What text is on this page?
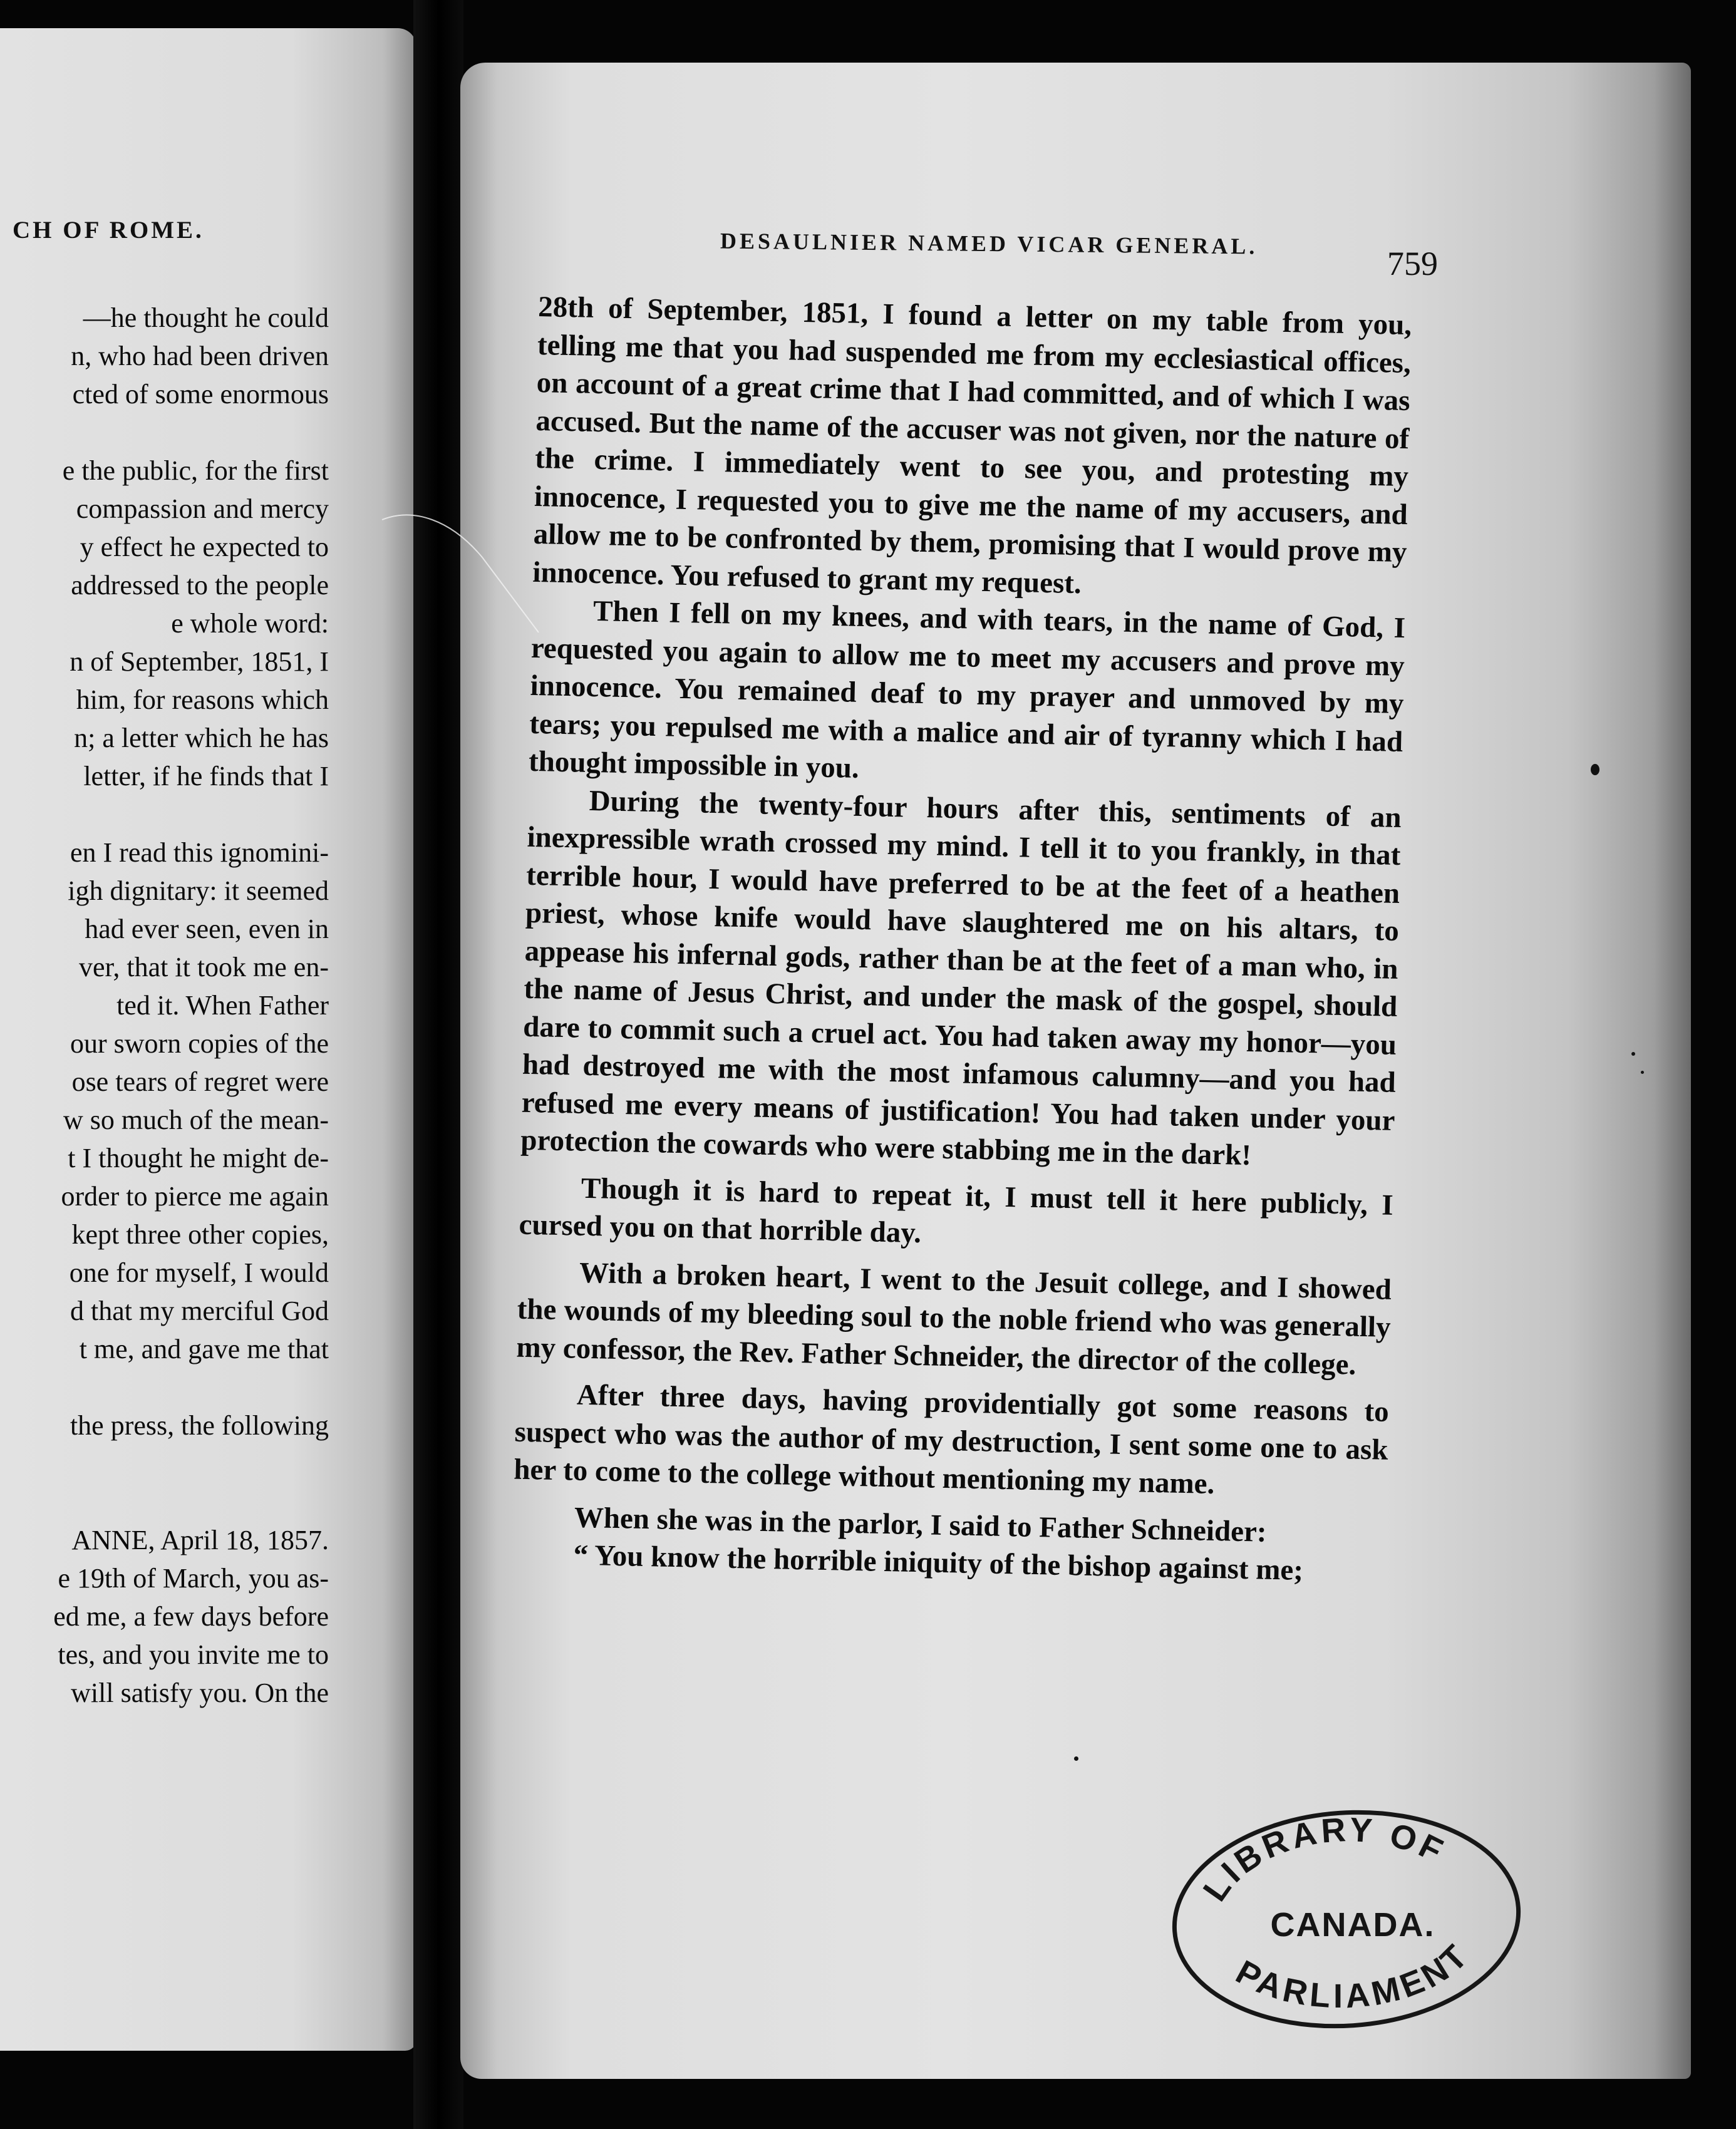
CH OF ROME.
—he thought he could
n, who had been driven
cted of some enormous
e the public, for the first
compassion and mercy
y effect he expected to
addressed to the people
e whole word:
n of September, 1851, I
him, for reasons which
n; a letter which he has
letter, if he finds that I
en I read this ignomini-
igh dignitary: it seemed
had ever seen, even in
ver, that it took me en-
ted it. When Father
our sworn copies of the
ose tears of regret were
w so much of the mean-
t I thought he might de-
order to pierce me again
kept three other copies,
one for myself, I would
d that my merciful God
t me, and gave me that
the press, the following
ANNE, April 18, 1857.
e 19th of March, you as-
ed me, a few days before
tes, and you invite me to
will satisfy you. On the
DESAULNIER NAMED VICAR GENERAL.
759

28th of September, 1851, I found a letter on my table from you, telling me that you had suspended me from my ecclesiastical offices, on account of a great crime that I had committed, and of which I was accused. But the name of the accuser was not given, nor the nature of the crime. I immediately went to see you, and protesting my innocence, I requested you to give me the name of my accusers, and allow me to be confronted by them, promising that I would prove my innocence. You refused to grant my request.

Then I fell on my knees, and with tears, in the name of God, I requested you again to allow me to meet my accusers and prove my innocence. You remained deaf to my prayer and unmoved by my tears; you repulsed me with a malice and air of tyranny which I had thought impossible in you.

During the twenty-four hours after this, sentiments of an inexpressible wrath crossed my mind. I tell it to you frankly, in that terrible hour, I would have preferred to be at the feet of a heathen priest, whose knife would have slaughtered me on his altars, to appease his infernal gods, rather than be at the feet of a man who, in the name of Jesus Christ, and under the mask of the gospel, should dare to commit such a cruel act. You had taken away my honor—you had destroyed me with the most infamous calumny—and you had refused me every means of justification! You had taken under your protection the cowards who were stabbing me in the dark!

Though it is hard to repeat it, I must tell it here publicly, I cursed you on that horrible day.

With a broken heart, I went to the Jesuit college, and I showed the wounds of my bleeding soul to the noble friend who was generally my confessor, the Rev. Father Schneider, the director of the college.

After three days, having providentially got some reasons to suspect who was the author of my destruction, I sent some one to ask her to come to the college without mentioning my name.

When she was in the parlor, I said to Father Schneider:

“ You know the horrible iniquity of the bishop against me;

LIBRARY OF
CANADA.
PARLIAMENT
